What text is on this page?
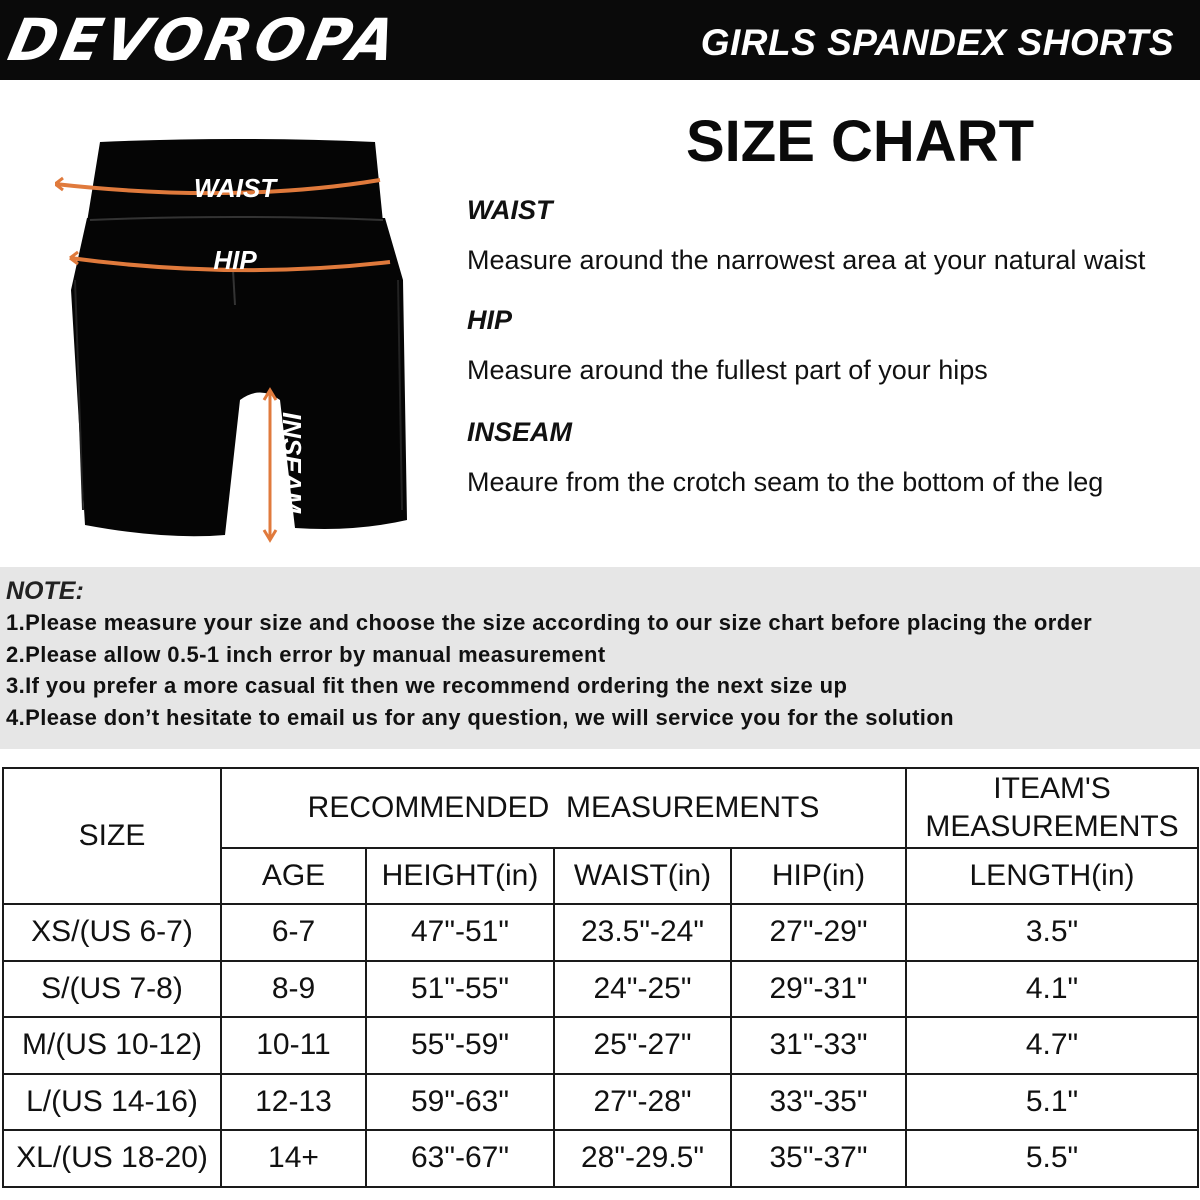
DEVOROPA	GIRLS SPANDEX SHORTS
WAIST
HIP
INSEAM
SIZE CHART
WAIST
Measure around the narrowest area at your natural waist
HIP
Measure around the fullest part of your hips
INSEAM
Meaure from the crotch seam to the bottom of the leg
NOTE:
1.Please measure your size and choose the size according to our size chart before placing the order
2.Please allow 0.5-1 inch error by manual measurement
3.If you prefer a more casual fit then we recommend ordering the next size up
4.Please don’t hesitate to email us for any question, we will service you for the solution
SIZE	RECOMMENDED  MEASUREMENTS				ITEAM'S
MEASUREMENTS

	AGE	HEIGHT(in)	WAIST(in)	HIP(in)	LENGTH(in)
XS/(US 6-7)	6-7	47"-51"	23.5"-24"	27"-29"	3.5"
S/(US 7-8)	8-9	51"-55"	24"-25"	29"-31"	4.1"
M/(US 10-12)	10-11	55"-59"	25"-27"	31"-33"	4.7"
L/(US 14-16)	12-13	59"-63"	27"-28"	33"-35"	5.1"
XL/(US 18-20)	14+	63"-67"	28"-29.5"	35"-37"	5.5"
